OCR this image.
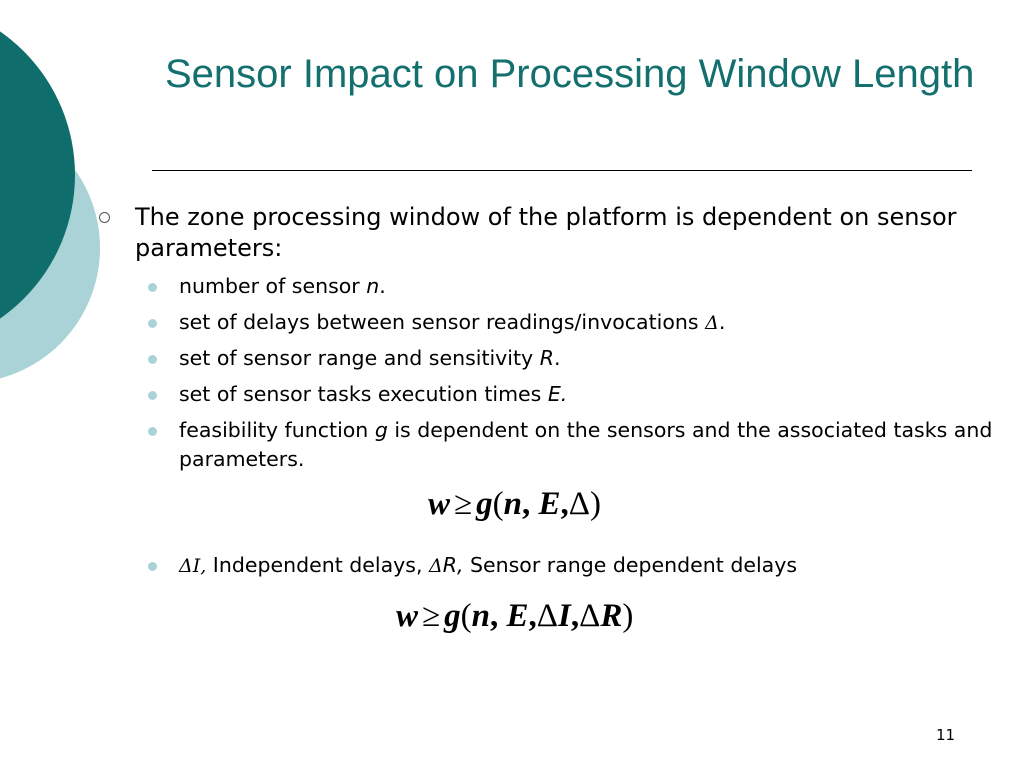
Sensor Impact on Processing Window Length
The zone processing window of the platform is dependent on sensor parameters:
number of sensor n.
set of delays between sensor readings/invocations Δ.
set of sensor range and sensitivity R.
set of sensor tasks execution times E.
feasibility function g is dependent on the sensors and the associated tasks and parameters.
w ≥ g(n, E,Δ)
ΔI, Independent delays, ΔR, Sensor range dependent delays
w ≥ g(n, E,ΔI,ΔR)
11
